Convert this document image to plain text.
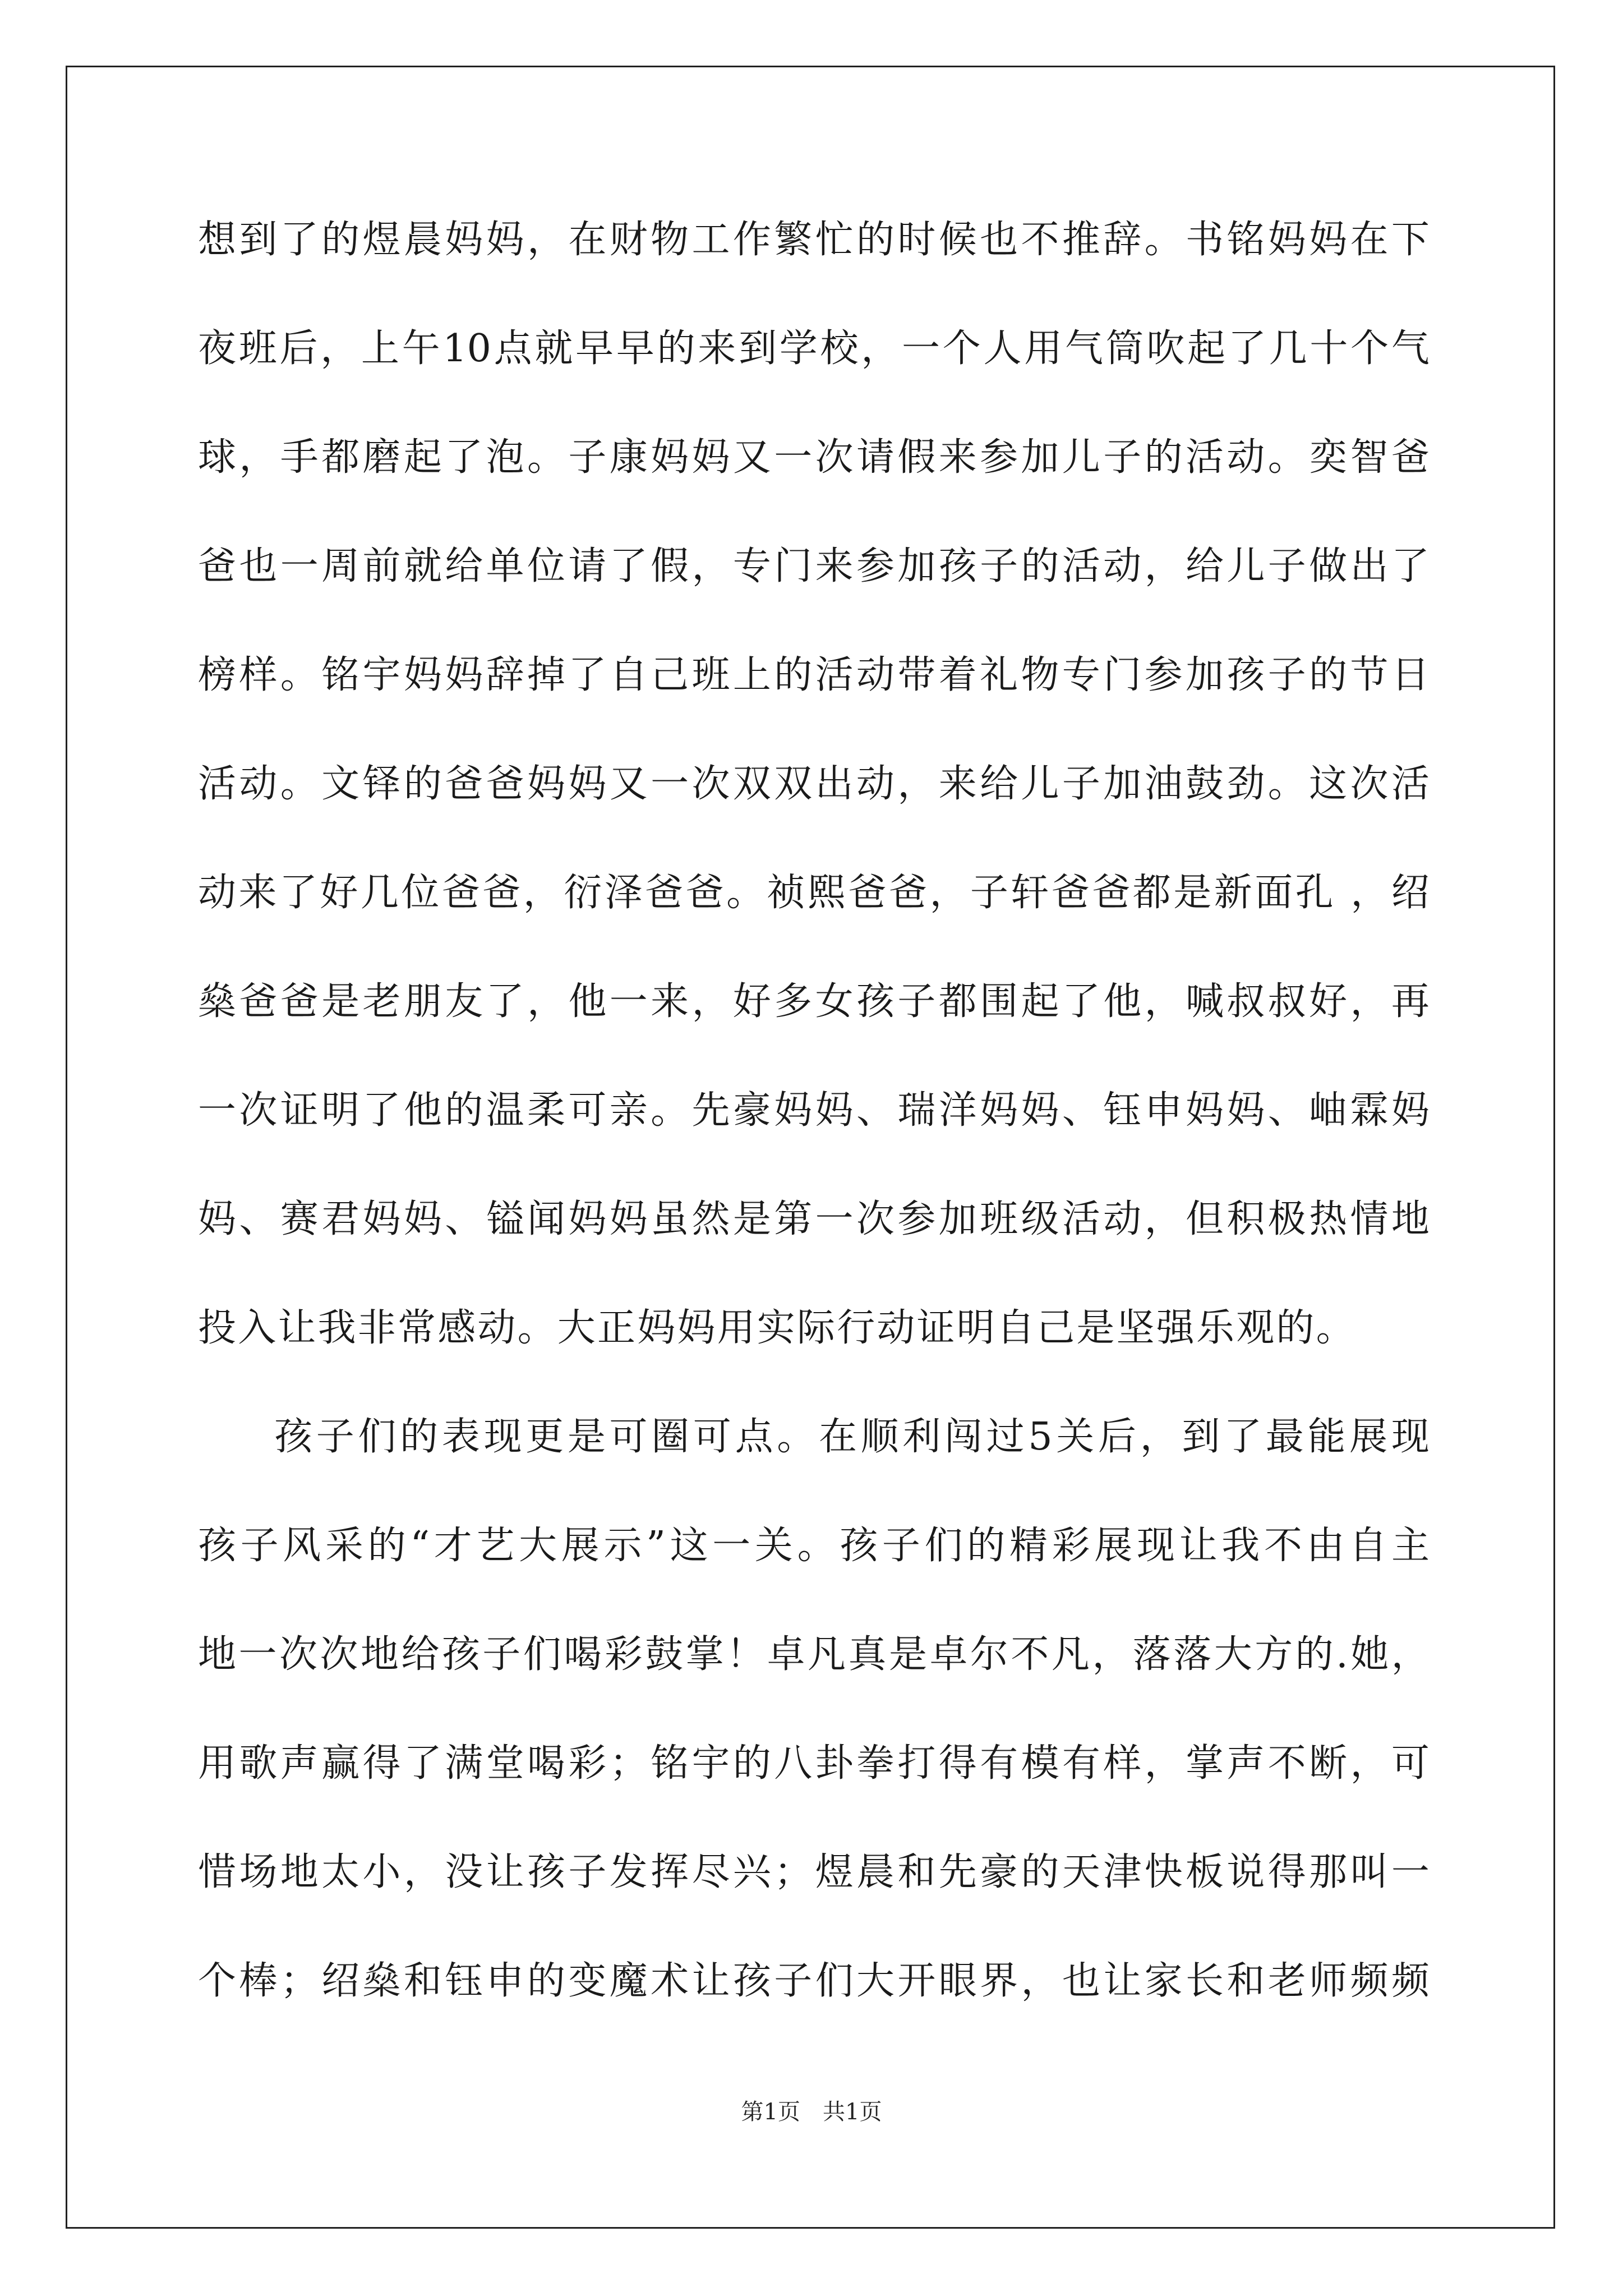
想 到 了 的 煜 晨 妈 妈 ， 在 财 物 工 作 繁 忙 的 时 候 也 不 推 辞 。 书 铭 妈 妈 在 下
夜 班 后 ， 上 午 10 点 就 早 早 的 来 到 学 校 ， 一 个 人 用 气 筒 吹 起 了 几 十 个 气
球 ， 手 都 磨 起 了 泡 。 子 康 妈 妈 又 一 次 请 假 来 参 加 儿 子 的 活 动 。 奕 智 爸
爸 也 一 周 前 就 给 单 位 请 了 假 ， 专 门 来 参 加 孩 子 的 活 动 ， 给 儿 子 做 出 了
榜 样 。 铭 宇 妈 妈 辞 掉 了 自 己 班 上 的 活 动 带 着 礼 物 专 门 参 加 孩 子 的 节 日
活 动 。 文 铎 的 爸 爸 妈 妈 又 一 次 双 双 出 动 ， 来 给 儿 子 加 油 鼓 劲 。 这 次 活
动 来 了 好 几 位 爸 爸 ， 衍 泽 爸 爸 。 祯 熙 爸 爸 ， 子 轩 爸 爸 都 是 新 面 孔
， 绍
燊 爸 爸 是 老 朋 友 了 ， 他 一 来 ， 好 多 女 孩 子 都 围 起 了 他 ， 喊 叔 叔 好 ， 再
一 次 证 明 了 他 的 温 柔 可 亲 。 先 豪 妈 妈 、 瑞 洋 妈 妈 、 钰 申 妈 妈 、 岫 霖 妈
妈 、 赛 君 妈 妈 、 镒 闻 妈 妈 虽 然 是 第 一 次 参 加 班 级 活 动 ， 但 积 极 热 情 地
投入让我非常感动。大正妈妈用实际行动证明自己是坚强乐观的。
孩 子 们 的 表 现 更 是 可 圈 可 点 。 在 顺 利 闯 过 5 关 后 ， 到 了 最 能 展 现
孩 子 风 采 的 “ 才 艺 大 展 示 ” 这 一 关 。 孩 子 们 的 精 彩 展 现 让 我 不 由 自 主
地 一 次 次 地 给 孩 子 们 喝 彩 鼓 掌 ！ 卓 凡 真 是 卓 尔 不 凡 ， 落 落 大 方 的 . 她 ，
用 歌 声 赢 得 了 满 堂 喝 彩 ； 铭 宇 的 八 卦 拳 打 得 有 模 有 样 ， 掌 声 不 断 ， 可
惜 场 地 太 小 ， 没 让 孩 子 发 挥 尽 兴 ； 煜 晨 和 先 豪 的 天 津 快 板 说 得 那 叫 一
个 棒 ； 绍 燊 和 钰 申 的 变 魔 术 让 孩 子 们 大 开 眼 界 ， 也 让 家 长 和 老 师 频 频
第1页 共1页
